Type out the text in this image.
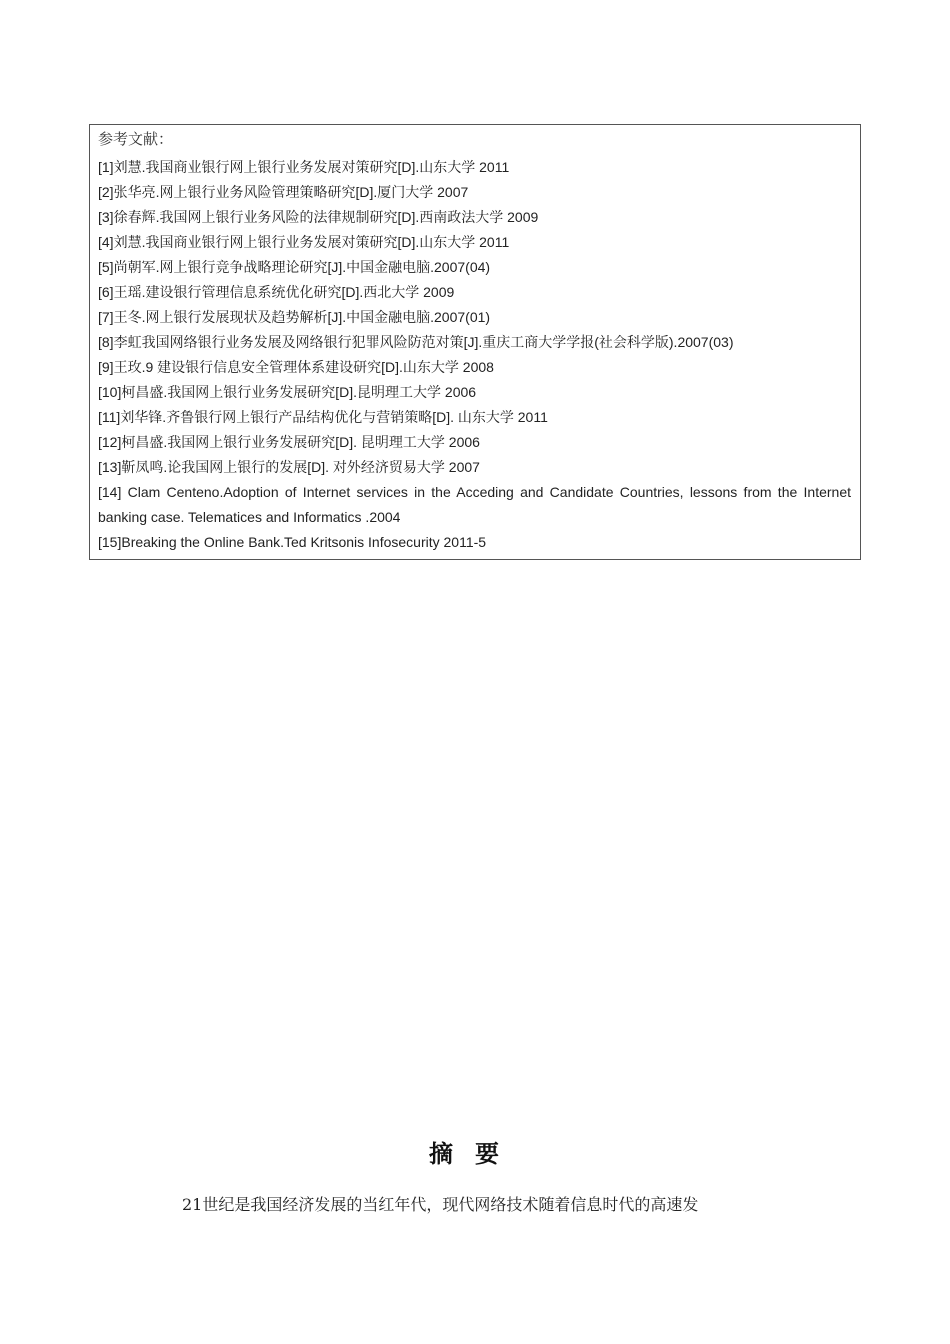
参考文献：
[1]刘慧.我国商业银行网上银行业务发展对策研究[D].山东大学 2011
[2]张华亮.网上银行业务风险管理策略研究[D].厦门大学 2007
[3]徐春辉.我国网上银行业务风险的法律规制研究[D].西南政法大学 2009
[4]刘慧.我国商业银行网上银行业务发展对策研究[D].山东大学 2011
[5]尚朝军.网上银行竞争战略理论研究[J].中国金融电脑.2007(04)
[6]王瑶.建设银行管理信息系统优化研究[D].西北大学 2009
[7]王冬.网上银行发展现状及趋势解析[J].中国金融电脑.2007(01)
[8]李虹我国网络银行业务发展及网络银行犯罪风险防范对策[J].重庆工商大学学报(社会科学版).2007(03)
[9]王玫.9 建设银行信息安全管理体系建设研究[D].山东大学 2008
[10]柯昌盛.我国网上银行业务发展研究[D].昆明理工大学 2006
[11]刘华锋.齐鲁银行网上银行产品结构优化与营销策略[D]. 山东大学 2011
[12]柯昌盛.我国网上银行业务发展研究[D]. 昆明理工大学 2006
[13]靳凤鸣.论我国网上银行的发展[D]. 对外经济贸易大学 2007
[14] Clam Centeno.Adoption of Internet services in the Acceding and Candidate Countries, lessons from the Internet banking case. Telematices and Informatics .2004
[15]Breaking the Online Bank.Ted Kritsonis Infosecurity 2011-5
摘要
21世纪是我国经济发展的当红年代，现代网络技术随着信息时代的高速发
